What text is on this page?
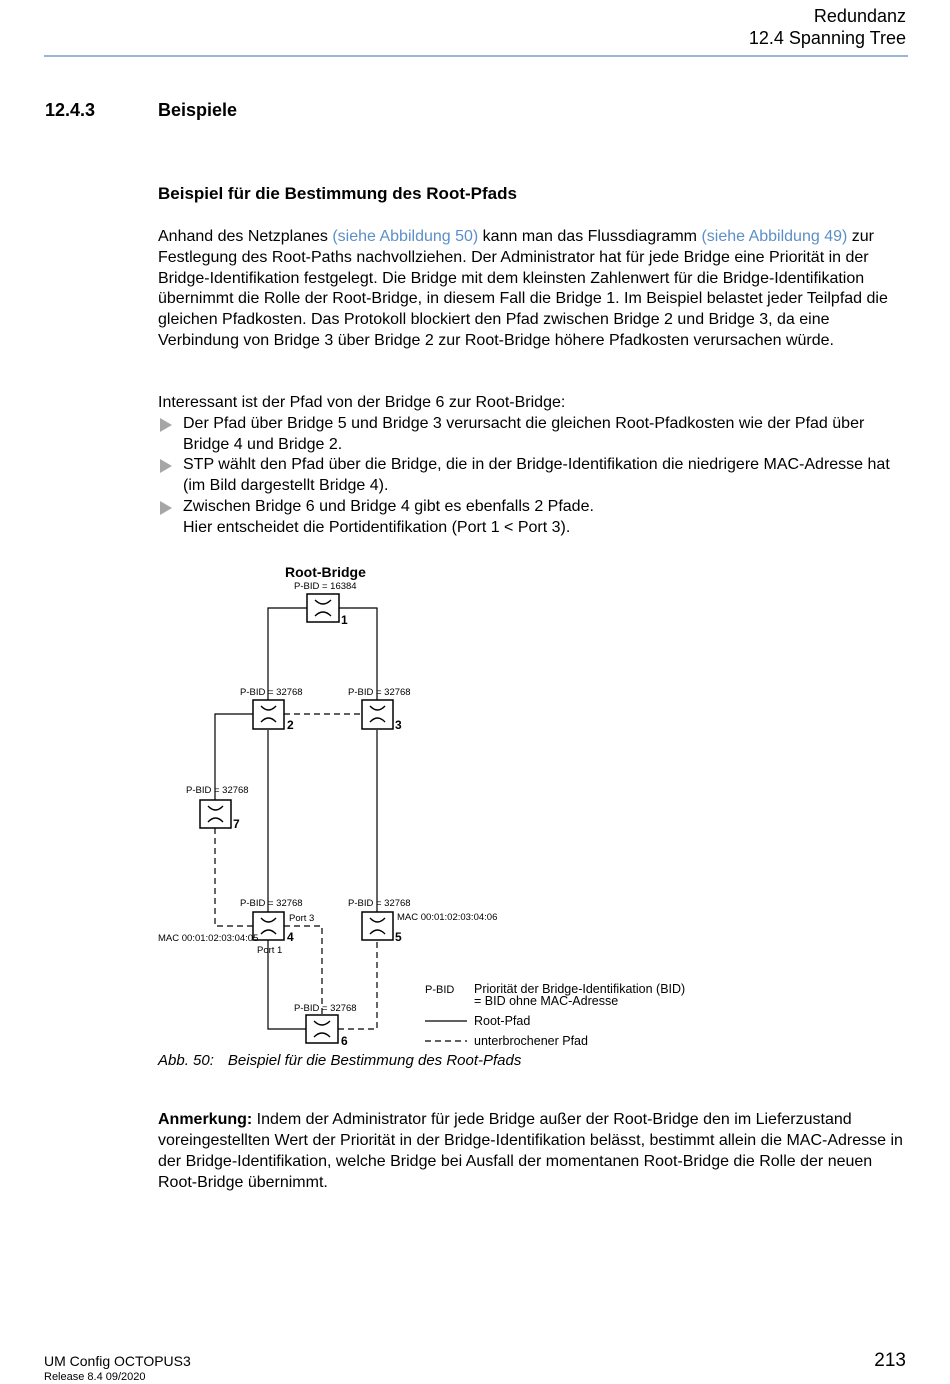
Redundanz
12.4 Spanning Tree
12.4.3	Beispiele
Beispiel für die Bestimmung des Root-Pfads

Anhand des Netzplanes (siehe Abbildung 50) kann man das Flussdiagramm (siehe Abbildung 49) zur Festlegung des Root-Paths nachvollziehen. Der Administrator hat für jede Bridge eine Priorität in der Bridge-Identifikation festgelegt. Die Bridge mit dem kleinsten Zahlenwert für die Bridge-Identifikation übernimmt die Rolle der Root-Bridge, in diesem Fall die Bridge 1. Im Beispiel belastet jeder Teilpfad die gleichen Pfadkosten. Das Protokoll blockiert den Pfad zwischen Bridge 2 und Bridge 3, da eine Verbindung von Bridge 3 über Bridge 2 zur Root-Bridge höhere Pfadkosten verursachen würde.

Interessant ist der Pfad von der Bridge 6 zur Root-Bridge:

Der Pfad über Bridge 5 und Bridge 3 verursacht die gleichen Root-Pfadkosten wie der Pfad über Bridge 4 und Bridge 2.
STP wählt den Pfad über die Bridge, die in der Bridge-Identifikation die niedrigere MAC-Adresse hat (im Bild dargestellt Bridge 4).
Zwischen Bridge 6 und Bridge 4 gibt es ebenfalls 2 Pfade.
Hier entscheidet die Portidentifikation (Port 1 < Port 3).
1
2	3
4	5
6
7
Root-Bridge
P-BID = 16384
P-BID = 32768	P-BID = 32768
P-BID = 32768
P-BID = 32768	P-BID = 32768
P-BID = 32768
Port 3
Port 1
MAC 00:01:02:03:04:05
MAC 00:01:02:03:04:06
P-BID Priorität der Bridge-Identifikation (BID)
= BID ohne MAC-Adresse
Root-Pfad
unterbrochener Pfad
Abb. 50: Beispiel für die Bestimmung des Root-Pfads
Anmerkung: Indem der Administrator für jede Bridge außer der Root-Bridge den im Lieferzustand voreingestellten Wert der Priorität in der Bridge-Identifikation belässt, bestimmt allein die MAC-Adresse in der Bridge-Identifikation, welche Bridge bei Ausfall der momentanen Root-Bridge die Rolle der neuen Root-Bridge übernimmt.
UM Config OCTOPUS3
Release 8.4 09/2020
213
